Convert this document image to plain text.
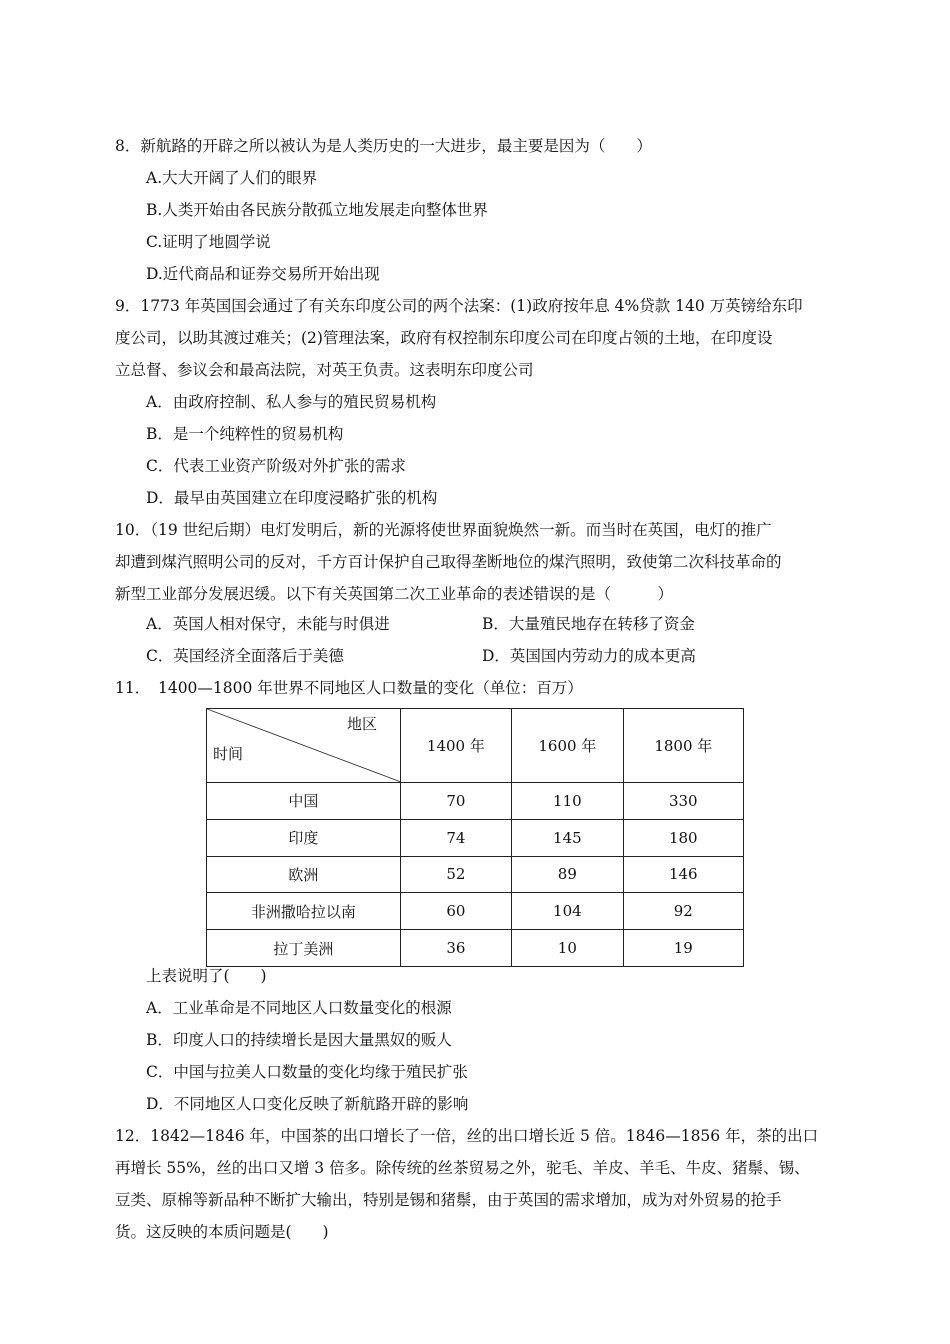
8．新航路的开辟之所以被认为是人类历史的一大进步，最主要是因为（　　）
A.大大开阔了人们的眼界
B.人类开始由各民族分散孤立地发展走向整体世界
C.证明了地圆学说
D.近代商品和证券交易所开始出现
9．1773 年英国国会通过了有关东印度公司的两个法案：(1)政府按年息 4%贷款 140 万英镑给东印
度公司，以助其渡过难关；(2)管理法案，政府有权控制东印度公司在印度占领的土地，在印度设
立总督、参议会和最高法院，对英王负责。这表明东印度公司
A．由政府控制、私人参与的殖民贸易机构
B．是一个纯粹性的贸易机构
C．代表工业资产阶级对外扩张的需求
D．最早由英国建立在印度浸略扩张的机构
10．（19 世纪后期）电灯发明后，新的光源将使世界面貌焕然一新。而当时在英国，电灯的推广
却遭到煤汽照明公司的反对，千方百计保护自己取得垄断地位的煤汽照明，致使第二次科技革命的
新型工业部分发展迟缓。以下有关英国第二次工业革命的表述错误的是（　　　）
A．英国人相对保守，未能与时俱进	B．大量殖民地存在转移了资金
C．英国经济全面落后于美德	D．英国国内劳动力的成本更高
11．　1400—1800 年世界不同地区人口数量的变化（单位：百万）
地区
时间	1400 年	1600 年	1800 年
中国	70	110	330
印度	74	145	180
欧洲	52	89	146
非洲撒哈拉以南	60	104	92
拉丁美洲	36	10	19
上表说明了(　　)
A．工业革命是不同地区人口数量变化的根源
B．印度人口的持续增长是因大量黑奴的贩人
C．中国与拉美人口数量的变化均缘于殖民扩张
D．不同地区人口变化反映了新航路开辟的影响
12．1842—1846 年，中国茶的出口增长了一倍，丝的出口增长近 5 倍。1846—1856 年，茶的出口
再增长 55%，丝的出口又增 3 倍多。除传统的丝茶贸易之外，驼毛、羊皮、羊毛、牛皮、猪鬃、锡、
豆类、原棉等新品种不断扩大输出，特别是锡和猪鬃，由于英国的需求增加，成为对外贸易的抢手
货。这反映的本质问题是(　　)
